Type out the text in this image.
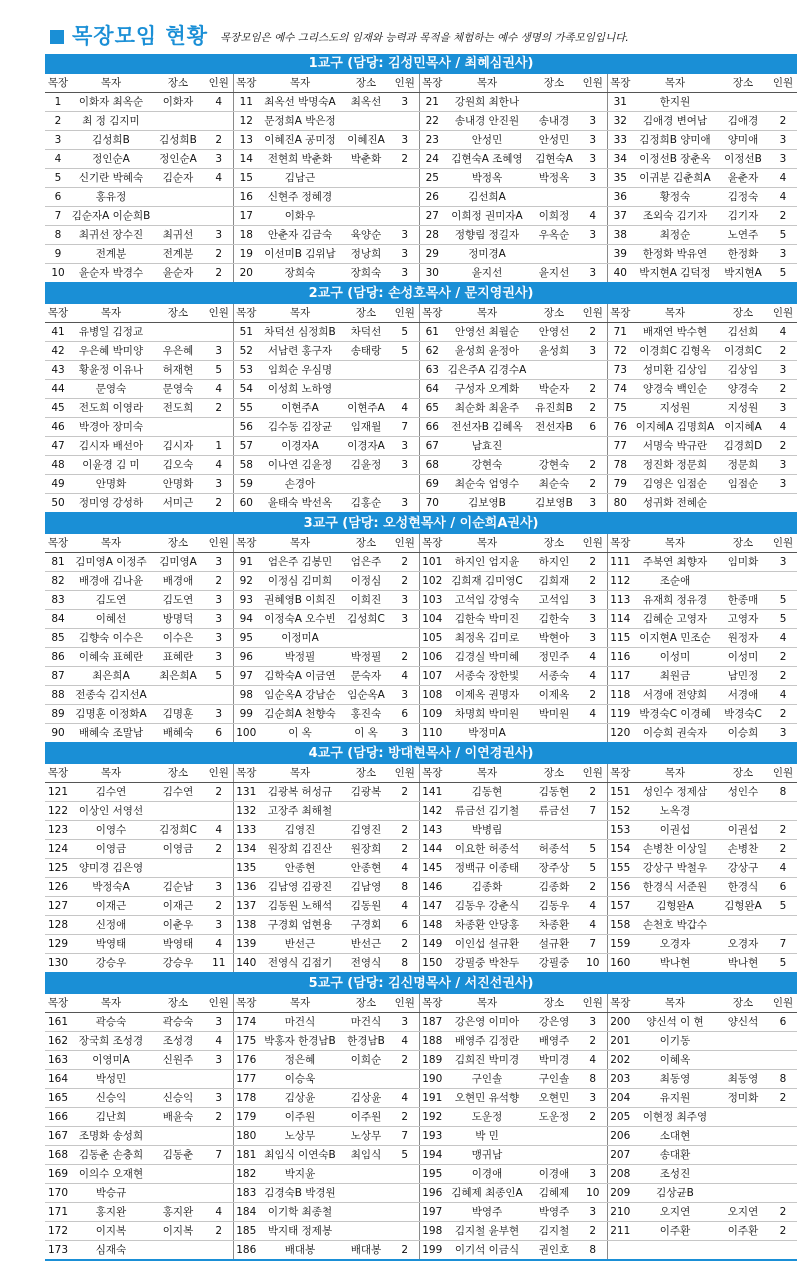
목장모임 현황 목장모임은 예수 그리스도의 임재와 능력과 목적을 체험하는 예수 생명의 가족모임입니다.
1교구 (담당: 김성민목사 / 최혜심권사)															
목장	목자	장소	인원	목장	목자	장소	인원	목장	목자	장소	인원	목장	목자	장소	인원
1	이화자 최옥순	이화자	4	11	최옥선 박명숙A	최옥선	3	21	강원희 최한나			31	한지원		
2	최 정 김지미			12	문정희A 박은정			22	송내경 안진원	송내경	3	32	김애경 변여남	김애경	2
3	김성희B	김성희B	2	13	이혜진A 공미정	이혜진A	3	23	안성민	안성민	3	33	김정희B 양미애	양미애	3
4	정인순A	정인순A	3	14	전현희 박춘화	박춘화	2	24	김현숙A 조혜영	김현숙A	3	34	이정선B 장춘옥	이정선B	3
5	신기란 박혜숙	김순자	4	15	김남근			25	박정옥	박정옥	3	35	이귀분 김춘희A	윤춘자	4
6	홍유정			16	신현주 정혜경			26	김선희A			36	황정숙	김정숙	4
7	김순자A 이순희B			17	이화우			27	이희정 권미자A	이희정	4	37	조외숙 김기자	김기자	2
8	최귀선 장수진	최귀선	3	18	안춘자 김금숙	육양순	3	28	정향림 정길자	우옥순	3	38	최정순	노연주	5
9	전계분	전계분	2	19	이선미B 김위남	정낭희	3	29	정미경A			39	한정화 박유연	한정화	3
10	윤순자 박경수	윤순자	2	20	장희숙	장희숙	3	30	윤지선	윤지선	3	40	박지현A 김덕정	박지현A	5
2교구 (담당: 손성호목사 / 문지영권사)															
목장	목자	장소	인원	목장	목자	장소	인원	목장	목자	장소	인원	목장	목자	장소	인원
41	유병일 김정교			51	차덕선 심정희B	차덕선	5	61	안영선 최월순	안영선	2	71	배재연 박수현	김선희	4
42	우은혜 박미양	우은혜	3	52	서남련 홍구자	송태랑	5	62	윤성희 윤정아	윤성희	3	72	이경희C 김형옥	이경희C	2
43	황윤정 이유나	허재현	5	53	임희순 우심명			63	김은주A 김경수A			73	성미환 김상임	김상임	3
44	문영숙	문영숙	4	54	이성희 노하영			64	구성자 오계화	박순자	2	74	양경숙 백인순	양경숙	2
45	전도희 이영라	전도희	2	55	이현주A	이현주A	4	65	최순화 최윤주	유진희B	2	75	지성원	지성원	3
46	박경아 장미숙			56	김수동 김장균	임재월	7	66	전선자B 김혜옥	전선자B	6	76	이지혜A 김명희A	이지혜A	4
47	김시자 배선아	김시자	1	57	이경자A	이경자A	3	67	남효진			77	서명숙 박규란	김경희D	2
48	이윤경 김 미	김오숙	4	58	이나연 김윤정	김윤정	3	68	강현숙	강현숙	2	78	정진화 정문희	정문희	3
49	안명화	안명화	3	59	손경아			69	최순숙 엄영수	최순숙	2	79	김영은 임점순	임점순	3
50	정미영 강성하	서미근	2	60	윤태숙 박선옥	김홍순	3	70	김보영B	김보영B	3	80	성귀화 전혜순		
3교구 (담당: 오성현목사 / 이순희A권사)															
목장	목자	장소	인원	목장	목자	장소	인원	목장	목자	장소	인원	목장	목자	장소	인원
81	김미영A 이정주	김미영A	3	91	엄은주 김봉민	엄은주	2	101	하지인 엄지윤	하지인	2	111	주북연 최향자	임미화	3
82	배경애 김나윤	배경애	2	92	이정심 김미희	이정심	2	102	김희재 김미영C	김희재	2	112	조순애		
83	김도연	김도연	3	93	권혜영B 이희진	이희진	3	103	고석임 강영숙	고석임	3	113	유재희 정유경	한종매	5
84	이혜선	방명덕	3	94	이정숙A 오수빈	김성희C	3	104	김한숙 박미진	김한숙	3	114	김혜순 고영자	고영자	5
85	김향숙 이수은	이수은	3	95	이정미A			105	최정옥 김미로	박현아	3	115	이지현A 민조순	원정자	4
86	이혜숙 표혜란	표혜란	3	96	박정필	박정필	2	106	김경실 박미혜	정민주	4	116	이성미	이성미	2
87	최은희A	최은희A	5	97	김학숙A 이금연	문숙자	4	107	서종숙 장한빛	서종숙	4	117	최원금	남민정	2
88	전종숙 김지선A			98	임순옥A 강남순	임순옥A	3	108	이제옥 권명자	이제옥	2	118	서경애 전양희	서경애	4
89	김명훈 이정화A	김명훈	3	99	김순희A 천향숙	홍진숙	6	109	차명희 박미원	박미원	4	119	박경숙C 이경혜	박경숙C	2
90	배혜숙 조말남	배혜숙	6	100	이 옥	이 옥	3	110	박정미A			120	이승희 권숙자	이승희	3
4교구 (담당: 방대현목사 / 이연경권사)															
목장	목자	장소	인원	목장	목자	장소	인원	목장	목자	장소	인원	목장	목자	장소	인원
121	김수연	김수연	2	131	김광복 허성규	김광복	2	141	김동현	김동현	2	151	성인수 정제삼	성인수	8
122	이상인 서영선			132	고장주 최해철			142	류금선 김기철	류금선	7	152	노옥경		
123	이영수	김정희C	4	133	김영진	김영진	2	143	박병림			153	이권섭	이권섭	2
124	이영금	이영금	2	134	원장희 김진산	원장희	2	144	이요한 허종석	허종석	5	154	손병찬 이상일	손병찬	2
125	양미경 김은영			135	안종현	안종현	4	145	정백규 이종태	장주상	5	155	강상구 박철우	강상구	4
126	박정숙A	김순남	3	136	김남영 김광진	김남영	8	146	김종화	김종화	2	156	한경식 서준원	한경식	6
127	이재근	이재근	2	137	김동원 노해석	김동원	4	147	김동우 강춘식	김동우	4	157	김형완A	김형완A	5
128	신정애	이춘우	3	138	구경회 엄현용	구경회	6	148	차종환 안당홍	차종환	4	158	손천호 박갑수		
129	박영태	박영태	4	139	반선근	반선근	2	149	이인섭 설규환	설규환	7	159	오경자	오경자	7
130	강승우	강승우	11	140	전영식 김점기	전영식	8	150	강필중 박찬두	강필중	10	160	박나현	박나현	5
5교구 (담당: 김신명목사 / 서진선권사)															
목장	목자	장소	인원	목장	목자	장소	인원	목장	목자	장소	인원	목장	목자	장소	인원
161	곽승숙	곽승숙	3	174	마건식	마건식	3	187	강은영 이미아	강은영	3	200	양신석 이 현	양신석	6
162	장국희 조성경	조성경	4	175	박홍자 한경남B	한경남B	4	188	배영주 김정란	배영주	2	201	이기동		
163	이영미A	신원주	3	176	정은혜	이희순	2	189	김희진 박미경	박미경	4	202	이혜옥		
164	박성민			177	이승욱			190	구인솔	구인솔	8	203	최동영	최동영	8
165	신승익	신승익	3	178	김상윤	김상윤	4	191	오현민 유석향	오현민	3	204	유지원	정미화	2
166	김난희	배윤숙	2	179	이주원	이주원	2	192	도운정	도운정	2	205	이현정 최주영		
167	조명화 송성희			180	노상무	노상무	7	193	박 민			206	소대현		
168	김동춘 손충희	김동춘	7	181	최임식 이연숙B	최임식	5	194	맹귀남			207	송대환		
169	이의수 오재현			182	박지윤			195	이경애	이경애	3	208	조성진		
170	박승규			183	김경숙B 박경원			196	김혜제 최종인A	김혜제	10	209	김상균B		
171	홍지완	홍지완	4	184	이기학 최종철			197	박영주	박영주	3	210	오지연	오지연	2
172	이지복	이지복	2	185	박지태 정제봉			198	김지철 윤부현	김지철	2	211	이주환	이주환	2
173	심재숙			186	배대봉	배대봉	2	199	이기석 이금식	권인호	8				
